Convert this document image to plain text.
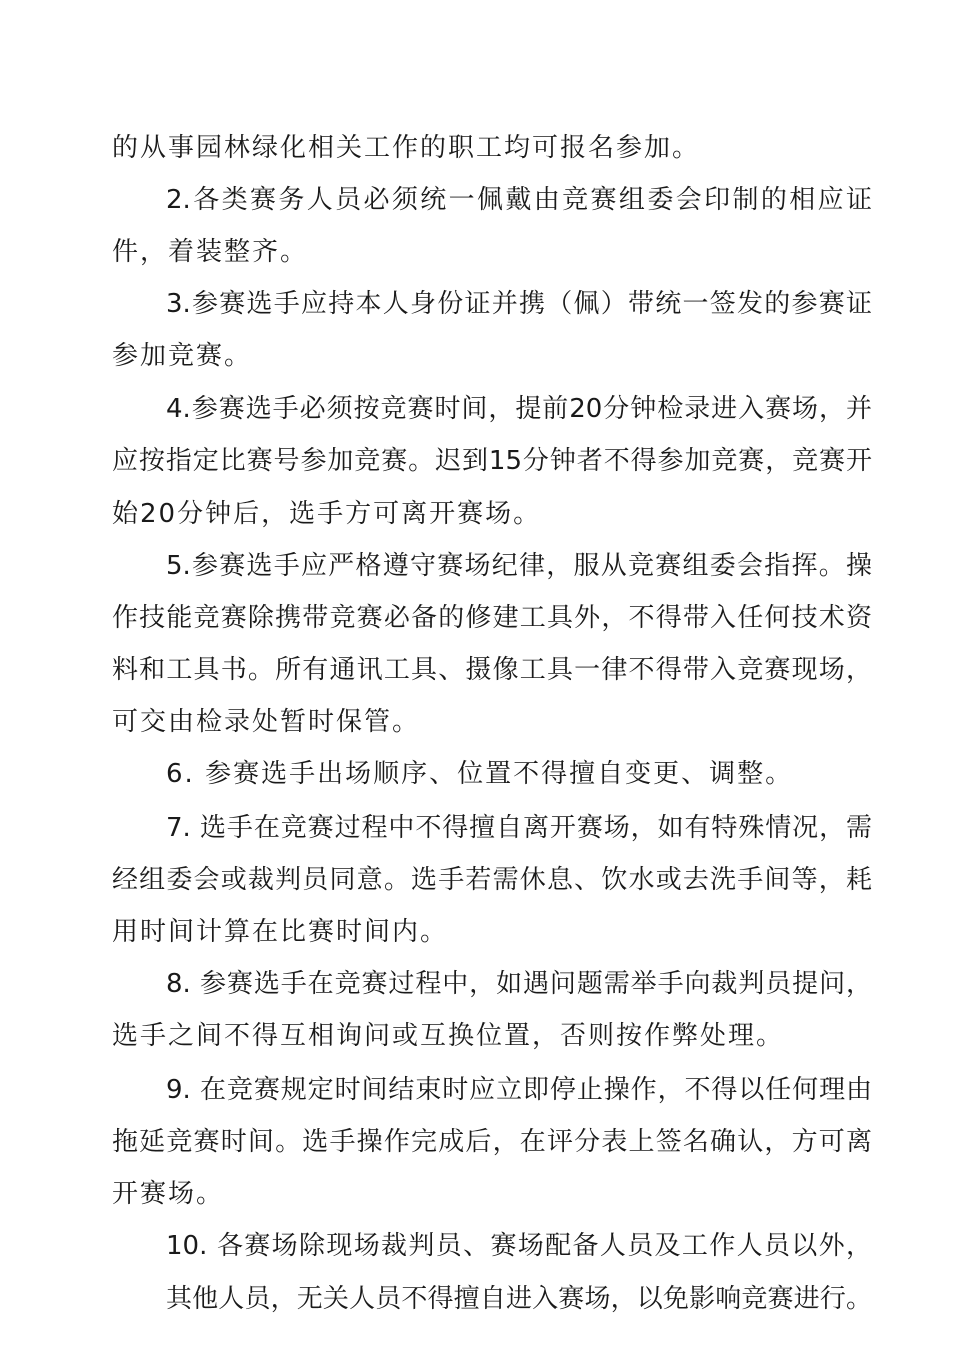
的从事园林绿化相关工作的职工均可报名参加。
2.各类赛务人员必须统一佩戴由竞赛组委会印制的相应证
件，着装整齐。
3.参赛选手应持本人身份证并携（佩）带统一签发的参赛证
参加竞赛。
4.参赛选手必须按竞赛时间，提前20分钟检录进入赛场，并
应按指定比赛号参加竞赛。迟到15分钟者不得参加竞赛，竞赛开
始20分钟后，选手方可离开赛场。
5.参赛选手应严格遵守赛场纪律，服从竞赛组委会指挥。操
作技能竞赛除携带竞赛必备的修建工具外，不得带入任何技术资
料和工具书。所有通讯工具、摄像工具一律不得带入竞赛现场，
可交由检录处暂时保管。
6. 参赛选手出场顺序、位置不得擅自变更、调整。
7. 选手在竞赛过程中不得擅自离开赛场，如有特殊情况，需
经组委会或裁判员同意。选手若需休息、饮水或去洗手间等，耗
用时间计算在比赛时间内。
8. 参赛选手在竞赛过程中，如遇问题需举手向裁判员提问，
选手之间不得互相询问或互换位置，否则按作弊处理。
9. 在竞赛规定时间结束时应立即停止操作，不得以任何理由
拖延竞赛时间。选手操作完成后，在评分表上签名确认，方可离
开赛场。
10. 各赛场除现场裁判员、赛场配备人员及工作人员以外，
其他人员，无关人员不得擅自进入赛场，以免影响竞赛进行。
